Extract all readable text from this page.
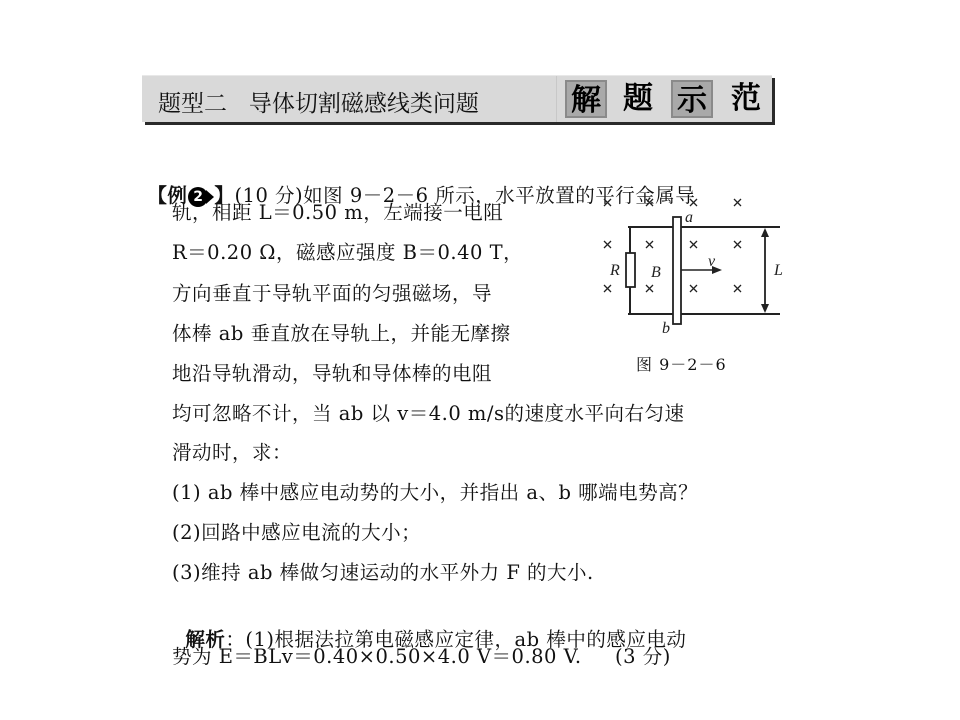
题型二   导体切割磁感线类问题	解 题 示 范

【例 2 】(10 分)如图 9－2－6 所示，水平放置的平行金属导

轨，相距 L＝0.50 m，左端接一电阻
R＝0.20 Ω，磁感应强度 B＝0.40 T，
方向垂直于导轨平面的匀强磁场，导
体棒 ab 垂直放在导轨上，并能无摩擦
地沿导轨滑动，导轨和导体棒的电阻
均可忽略不计，当 ab 以 v＝4.0 m/s的速度水平向右匀速
滑动时，求：
(1) ab 棒中感应电动势的大小，并指出 a、b 哪端电势高？
(2)回路中感应电流的大小；
(3)维持 ab 棒做匀速运动的水平外力 F 的大小.

解析：(1)根据法拉第电磁感应定律，ab 棒中的感应电动

势为 E＝BLv＝0.40×0.50×4.0 V＝0.80 V.     (3 分)
a
b
R B
v
L
图 9－2－6
